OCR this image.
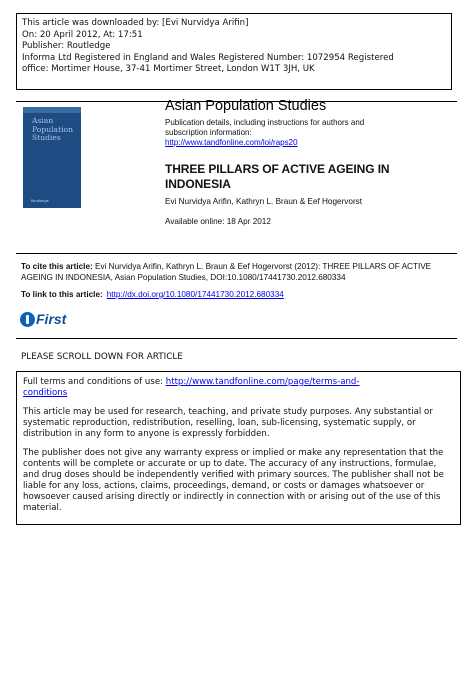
This article was downloaded by: [Evi Nurvidya Arifin]
On: 20 April 2012, At: 17:51
Publisher: Routledge
Informa Ltd Registered in England and Wales Registered Number: 1072954 Registered
office: Mortimer House, 37-41 Mortimer Street, London W1T 3JH, UK
Asian
Population
Studies
Routledge
Asian Population Studies
Publication details, including instructions for authors and
subscription information:
http://www.tandfonline.com/loi/raps20
THREE PILLARS OF ACTIVE AGEING IN
INDONESIA
Evi Nurvidya Arifin, Kathryn L. Braun & Eef Hogervorst
Available online: 18 Apr 2012
To cite this article: Evi Nurvidya Arifin, Kathryn L. Braun & Eef Hogervorst (2012): THREE PILLARS OF ACTIVE AGEING IN INDONESIA, Asian Population Studies, DOI:10.1080/17441730.2012.680334
To link to this article: http://dx.doi.org/10.1080/17441730.2012.680334
First
PLEASE SCROLL DOWN FOR ARTICLE

Full terms and conditions of use: http://www.tandfonline.com/page/terms-and-
conditions

This article may be used for research, teaching, and private study purposes. Any substantial or systematic reproduction, redistribution, reselling, loan, sub-licensing, systematic supply, or distribution in any form to anyone is expressly forbidden.

The publisher does not give any warranty express or implied or make any representation that the contents will be complete or accurate or up to date. The accuracy of any instructions, formulae, and drug doses should be independently verified with primary sources. The publisher shall not be liable for any loss, actions, claims, proceedings, demand, or costs or damages whatsoever or howsoever caused arising directly or indirectly in connection with or arising out of the use of this material.
